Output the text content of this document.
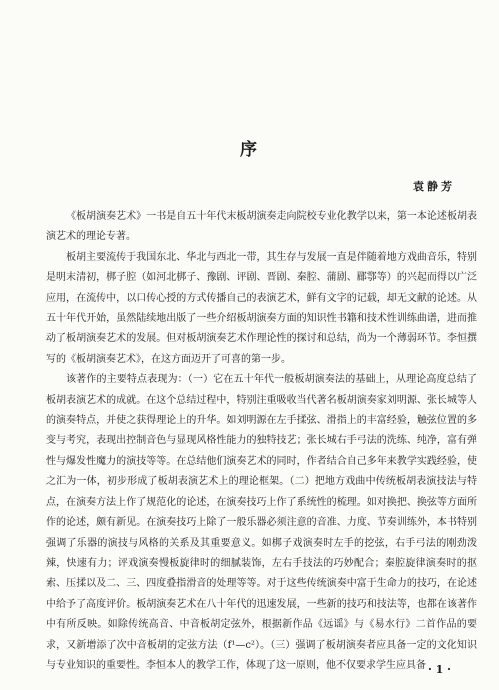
序
袁静芳

《板胡演奏艺术》一书是自五十年代末板胡演奏走向院校专业化教学以来，第一本论述板胡表演艺术的理论专著。

板胡主要流传于我国东北、华北与西北一带，其生存与发展一直是伴随着地方戏曲音乐，特别是明末清初，梆子腔（如河北梆子、豫剧、评剧、晋剧、秦腔、蒲剧、郿鄠等）的兴起而得以广泛应用，在流传中，以口传心授的方式传播自己的表演艺术，鲜有文字的记载，却无文献的论述。从五十年代开始，虽然陆续地出版了一些介绍板胡演奏方面的知识性书籍和技术性训练曲谱，进而推动了板胡演奏艺术的发展。但对板胡演奏艺术作理论性的探讨和总结，尚为一个薄弱环节。李恒撰写的《板胡演奏艺术》，在这方面迈开了可喜的第一步。

该著作的主要特点表现为：（一）它在五十年代一般板胡演奏法的基础上，从理论高度总结了板胡表演艺术的成就。在这个总结过程中，特别注重吸收当代著名板胡演奏家刘明源、张长城等人的演奏特点，并使之获得理论上的升华。如刘明源在左手揉弦、滑指上的丰富经验，触弦位置的多变与考究，表现出控制音色与显现风格性能力的独特技艺；张长城右手弓法的洗练、纯净，富有弹性与爆发性魔力的演技等等。在总结他们演奏艺术的同时，作者结合自己多年来教学实践经验，使之汇为一体，初步形成了板胡表演艺术上的理论框架。（二）把地方戏曲中传统板胡表演技法与特点，在演奏方法上作了规范化的论述，在演奏技巧上作了系统性的梳理。如对换把、换弦等方面所作的论述，颇有新见。在演奏技巧上除了一般乐器必须注意的音准、力度、节奏训练外，本书特别强调了乐器的演技与风格的关系及其重要意义。如梆子戏演奏时左手的挖弦，右手弓法的刚劲泼辣，快速有力；评戏演奏慢板旋律时的细腻装饰，左右手技法的巧妙配合；秦腔旋律演奏时的抠索、压揉以及二、三、四度叠指滑音的处理等等。对于这些传统演奏中富于生命力的技巧，在论述中给予了高度评价。板胡演奏艺术在八十年代的迅速发展，一些新的技巧和技法等，也都在该著作中有所反映。如除传统高音、中音板胡定弦外，根据新作品《远谣》与《易水行》二首作品的要求，又新增添了次中音板胡的定弦方法（f¹—c²）。（三）强调了板胡演奏者应具备一定的文化知识与专业知识的重要性。李恒本人的教学工作，体现了这一原则，他不仅要求学生应具备 · 1 ·
